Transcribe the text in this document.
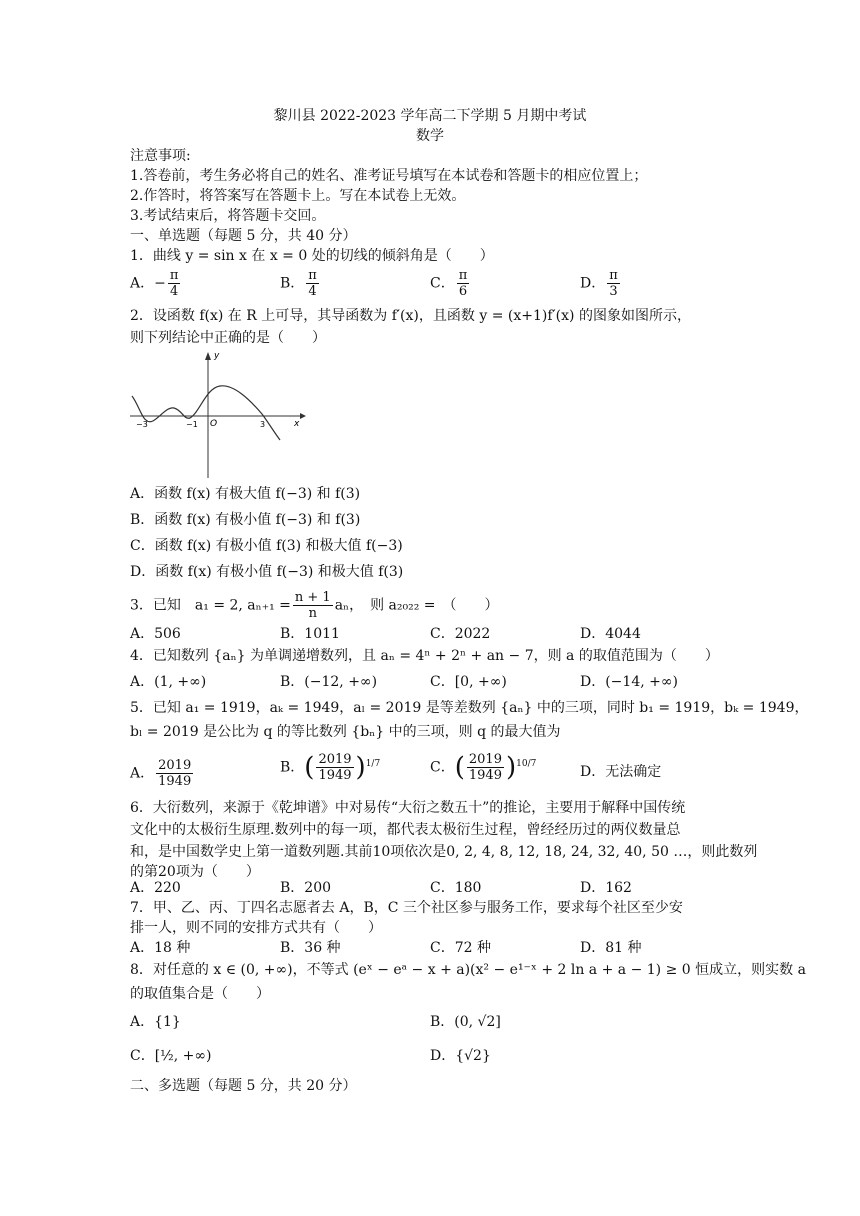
黎川县 2022-2023 学年高二下学期 5 月期中考试
数学
注意事项:
1.答卷前，考生务必将自己的姓名、准考证号填写在本试卷和答题卡的相应位置上；
2.作答时，将答案写在答题卡上。写在本试卷上无效。
3.考试结束后，将答题卡交回。
一、单选题（每题 5 分，共 40 分）
1．曲线 y = sin x 在 x = 0 处的切线的倾斜角是（　　）
A．− $\frac{\pi}{4}$	B． $\frac{\pi}{4}$	C． $\frac{\pi}{6}$	D． $\frac{\pi}{3}$
2．设函数 f(x) 在 R 上可导，其导函数为 f′(x)，且函数 y = (x+1)f′(x) 的图象如图所示，
则下列结论中正确的是（　　）
x
y
O
−3	−1	3
A．函数 f(x) 有极大值 f(−3) 和 f(3)
B．函数 f(x) 有极小值 f(−3) 和 f(3)
C．函数 f(x) 有极小值 f(3) 和极大值 f(−3)
D．函数 f(x) 有极小值 f(−3) 和极大值 f(3)
3．已知　a₁ = 2, $a_{n+1} = \frac{n + 1}{n}$ aₙ，　则 a₂₀₂₂ =　（　　）
A．506	B．1011	C．2022	D．4044
4．已知数列 {aₙ} 为单调递增数列，且 aₙ = 4ⁿ + 2ⁿ + an − 7，则 a 的取值范围为（　　）
A．(1, +∞)	B．(−12, +∞)	C．[0, +∞)	D．(−14, +∞)
5．已知 a₁ = 1919，aₖ = 1949，aₗ = 2019 是等差数列 {aₙ} 中的三项，同时 b₁ = 1919，bₖ = 1949，
bₗ = 2019 是公比为 q 的等比数列 {bₙ} 中的三项，则 q 的最大值为
A． $\frac{2019}{1949}$	B．( $\frac{2019}{1949} )^{1/7}$	C．( $\frac{2019}{1949} )^{10/7}$
D．无法确定
6．大衍数列，来源于《乾坤谱》中对易传“大衍之数五十”的推论，主要用于解释中国传统
文化中的太极衍生原理.数列中的每一项，都代表太极衍生过程，曾经经历过的两仪数量总
和，是中国数学史上第一道数列题.其前10项依次是0, 2, 4, 8, 12, 18, 24, 32, 40, 50 …，则此数列
的第20项为（　　）
A．220	B．200	C．180	D．162
7．甲、乙、丙、丁四名志愿者去 A，B，C 三个社区参与服务工作，要求每个社区至少安
排一人，则不同的安排方式共有（　　）
A．18 种	B．36 种	C．72 种	D．81 种
8．对任意的 x ∈ (0, +∞)，不等式 (eˣ − eᵃ − x + a)(x² − e¹⁻ˣ + 2 ln a + a − 1) ≥ 0 恒成立，则实数 a
的取值集合是（　　）
A．{1}	B．(0, √2]
C．[½, +∞)	D．{√2}
二、多选题（每题 5 分，共 20 分）
